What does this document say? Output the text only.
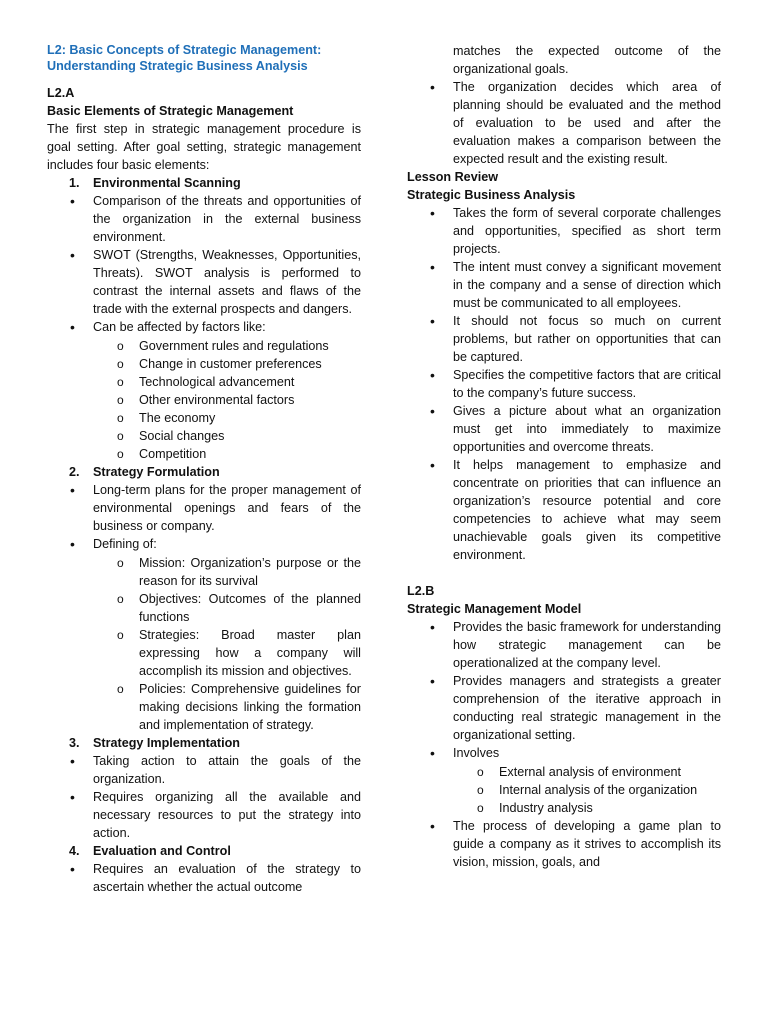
L2: Basic Concepts of Strategic Management:
Understanding Strategic Business Analysis

L2.A

Basic Elements of Strategic Management

The first step in strategic management procedure is goal setting. After goal setting, strategic management includes four basic elements:

1.	Environmental Scanning
•
Comparison of the threats and opportunities of the organization in the external business environment.
•
SWOT (Strengths, Weaknesses, Opportunities, Threats). SWOT analysis is performed to contrast the internal assets and flaws of the trade with the external prospects and dangers.
•
Can be affected by factors like:
o
Government rules and regulations
o
Change in customer preferences
o
Technological advancement
o
Other environmental factors
o
The economy
o
Social changes
o
Competition
2.	Strategy Formulation
•
Long-term plans for the proper management of environmental openings and fears of the business or company.
•
Defining of:
o
Mission: Organization’s purpose or the reason for its survival
o
Objectives: Outcomes of the planned functions
o
Strategies: Broad master plan expressing how a company will accomplish its mission and objectives.
o
Policies: Comprehensive guidelines for making decisions linking the formation and implementation of strategy.
3.	Strategy Implementation
•
Taking action to attain the goals of the organization.
•
Requires organizing all the available and necessary resources to put the strategy into action.
4.	Evaluation and Control
•
Requires an evaluation of the strategy to ascertain whether the actual outcome
matches the expected outcome of the organizational goals.
•
The organization decides which area of planning should be evaluated and the method of evaluation to be used and after the evaluation makes a comparison between the expected result and the existing result.

Lesson Review

Strategic Business Analysis

•
Takes the form of several corporate challenges and opportunities, specified as short term projects.
•
The intent must convey a significant movement in the company and a sense of direction which must be communicated to all employees.
•
It should not focus so much on current problems, but rather on opportunities that can be captured.
•
Specifies the competitive factors that are critical to the company’s future success.
•
Gives a picture about what an organization must get into immediately to maximize opportunities and overcome threats.
•
It helps management to emphasize and concentrate on priorities that can influence an organization’s resource potential and core competencies to achieve what may seem unachievable goals given its competitive environment.

L2.B

Strategic Management Model

•
Provides the basic framework for understanding how strategic management can be operationalized at the company level.
•
Provides managers and strategists a greater comprehension of the iterative approach in conducting real strategic management in the organizational setting.
•
Involves
o
External analysis of environment
o
Internal analysis of the organization
o
Industry analysis
•
The process of developing a game plan to guide a company as it strives to accomplish its vision, mission, goals, and
